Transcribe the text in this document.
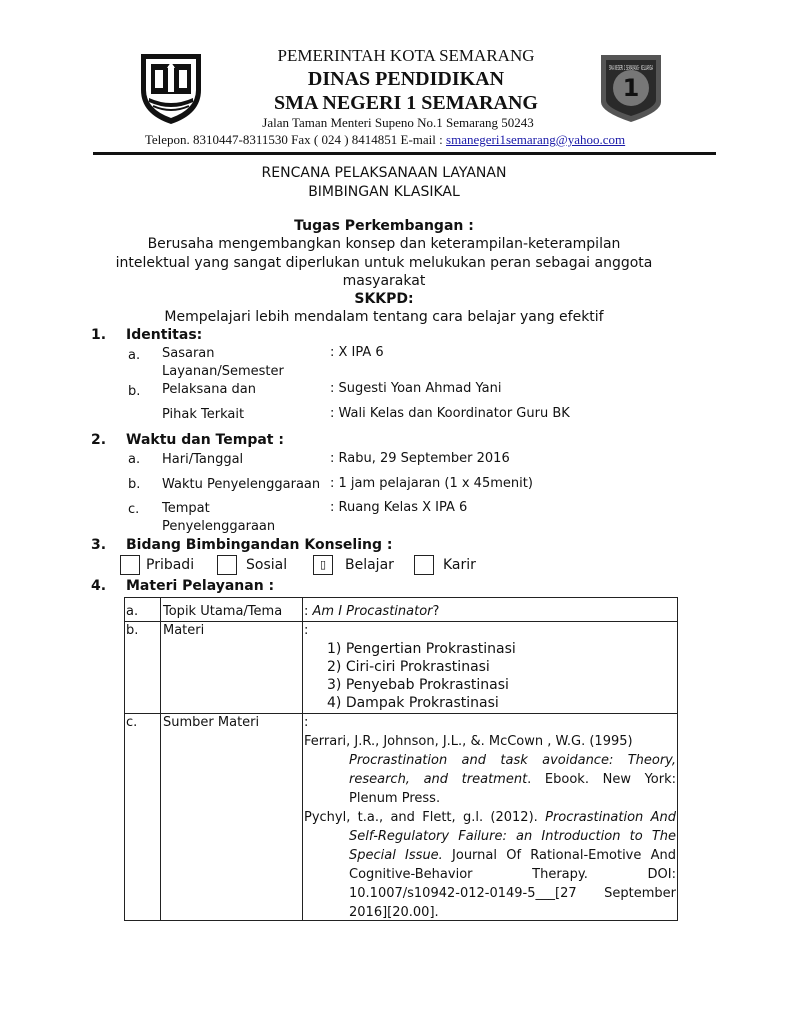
1
SMA NEGERI 1 SEMARANG · KELUARGA
PEMERINTAH KOTA SEMARANG
DINAS PENDIDIKAN
SMA NEGERI 1 SEMARANG
Jalan Taman Menteri Supeno No.1 Semarang 50243
Telepon. 8310447-8311530 Fax ( 024 ) 8414851 E-mail : smanegeri1semarang@yahoo.com
RENCANA PELAKSANAAN LAYANAN
BIMBINGAN KLASIKAL
Tugas Perkembangan :
Berusaha mengembangkan konsep dan keterampilan-keterampilan
intelektual yang sangat diperlukan untuk melukukan peran sebagai anggota
masyarakat
SKKPD:
Mempelajari lebih mendalam tentang cara belajar yang efektif
1. Identitas:
a. Sasaran
Layanan/Semester
: X IPA 6
b. Pelaksana dan	: Sugesti Yoan Ahmad Yani
Pihak Terkait	: Wali Kelas dan Koordinator Guru BK
2. Waktu dan Tempat :
a. Hari/Tanggal	: Rabu, 29 September 2016
b. Waktu Penyelenggaraan : 1 jam pelajaran (1 x 45menit)
c. Tempat
Penyelenggaraan
: Ruang Kelas X IPA 6
3. Bidang Bimbingandan Konseling :
Pribadi	Sosial	▯	Belajar	Karir
4. Materi Pelayanan :
a. Topik Utama/Tema : Am I Procastinator?
b. Materi	:
1) Pengertian Prokrastinasi
2) Ciri-ciri Prokrastinasi
3) Penyebab Prokrastinasi
4) Dampak Prokrastinasi
c. Sumber Materi	:
Ferrari, J.R., Johnson, J.L., &. McCown , W.G. (1995)
Procrastination and task avoidance: Theory, research, and treatment. Ebook. New York: Plenum Press.
Pychyl, t.a., and Flett, g.l. (2012). Procrastination And Self-Regulatory Failure: an Introduction to The Special Issue. Journal Of Rational-Emotive And Cognitive-Behavior Therapy. DOI: 10.1007/s10942-012-0149-5___[27 September 2016][20.00].
